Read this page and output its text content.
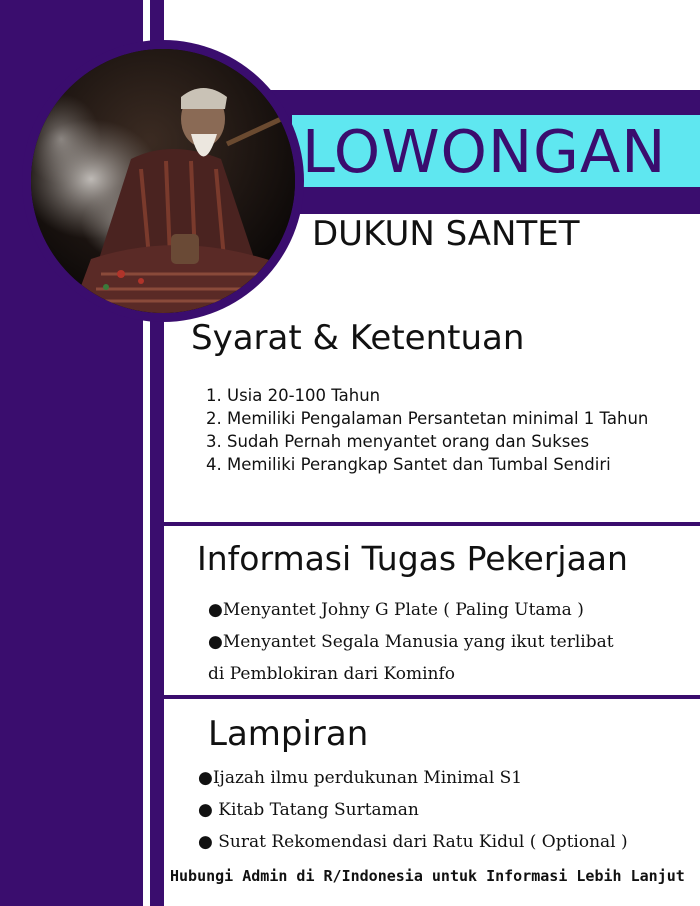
LOWONGAN
DUKUN SANTET
Syarat & Ketentuan
1. Usia 20-100 Tahun
2. Memiliki Pengalaman Persantetan minimal 1 Tahun
3. Sudah Pernah menyantet orang dan Sukses
4. Memiliki Perangkap Santet dan Tumbal Sendiri
Informasi Tugas Pekerjaan
●Menyantet Johny G Plate ( Paling Utama )
●Menyantet Segala Manusia yang ikut terlibat
di Pemblokiran dari Kominfo
Lampiran
●Ijazah ilmu perdukunan Minimal S1
● Kitab Tatang Surtaman
● Surat Rekomendasi dari Ratu Kidul ( Optional )
Hubungi Admin di R/Indonesia untuk Informasi Lebih Lanjut
